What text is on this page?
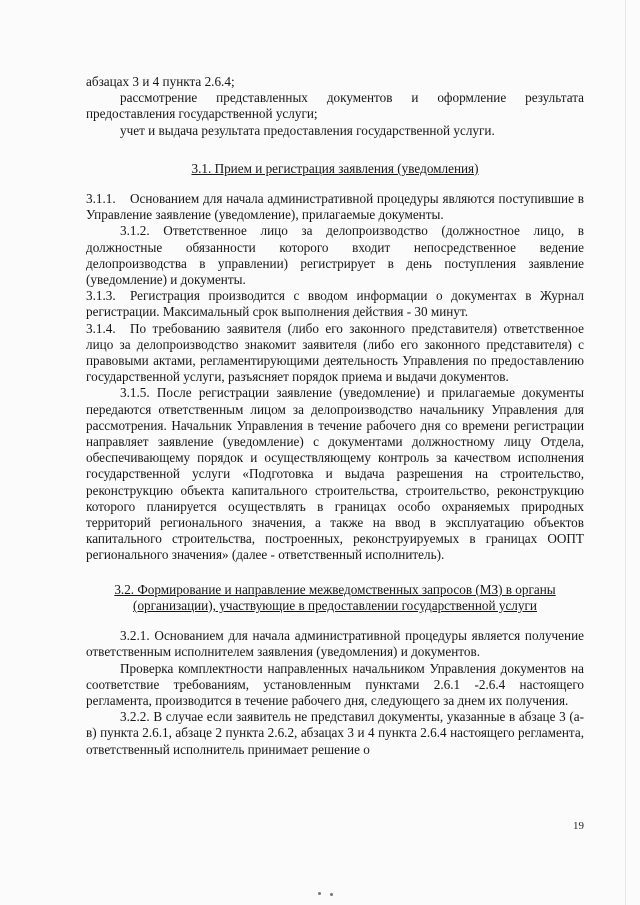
абзацах 3 и 4 пункта 2.6.4;

рассмотрение представленных документов и оформление результата предоставления государственной услуги;

учет и выдача результата предоставления государственной услуги.

3.1. Прием и регистрация заявления (уведомления)

3.1.1. Основанием для начала административной процедуры являются поступившие в Управление заявление (уведомление), прилагаемые документы.

3.1.2. Ответственное лицо за делопроизводство (должностное лицо, в должностные обязанности которого входит непосредственное ведение делопроизводства в управлении) регистрирует в день поступления заявление (уведомление) и документы.

3.1.3. Регистрация производится с вводом информации о документах в Журнал регистрации. Максимальный срок выполнения действия - 30 минут.

3.1.4. По требованию заявителя (либо его законного представителя) ответственное лицо за делопроизводство знакомит заявителя (либо его законного представителя) с правовыми актами, регламентирующими деятельность Управления по предоставлению государственной услуги, разъясняет порядок приема и выдачи документов.

3.1.5. После регистрации заявление (уведомление) и прилагаемые документы передаются ответственным лицом за делопроизводство начальнику Управления для рассмотрения. Начальник Управления в течение рабочего дня со времени регистрации направляет заявление (уведомление) с документами должностному лицу Отдела, обеспечивающему порядок и осуществляющему контроль за качеством исполнения государственной услуги «Подготовка и выдача разрешения на строительство, реконструкцию объекта капитального строительства, строительство, реконструкцию которого планируется осуществлять в границах особо охраняемых природных территорий регионального значения, а также на ввод в эксплуатацию объектов капитального строительства, построенных, реконструируемых в границах ООПТ регионального значения» (далее - ответственный исполнитель).

3.2. Формирование и направление межведомственных запросов (МЗ) в органы (организации), участвующие в предоставлении государственной услуги

3.2.1. Основанием для начала административной процедуры является получение ответственным исполнителем заявления (уведомления) и документов.

Проверка комплектности направленных начальником Управления документов на соответствие требованиям, установленным пунктами 2.6.1 -2.6.4 настоящего регламента, производится в течение рабочего дня, следующего за днем их получения.

3.2.2. В случае если заявитель не представил документы, указанные в абзаце 3 (а-в) пункта 2.6.1, абзаце 2 пункта 2.6.2, абзацах 3 и 4 пункта 2.6.4 настоящего регламента, ответственный исполнитель принимает решение о

19
